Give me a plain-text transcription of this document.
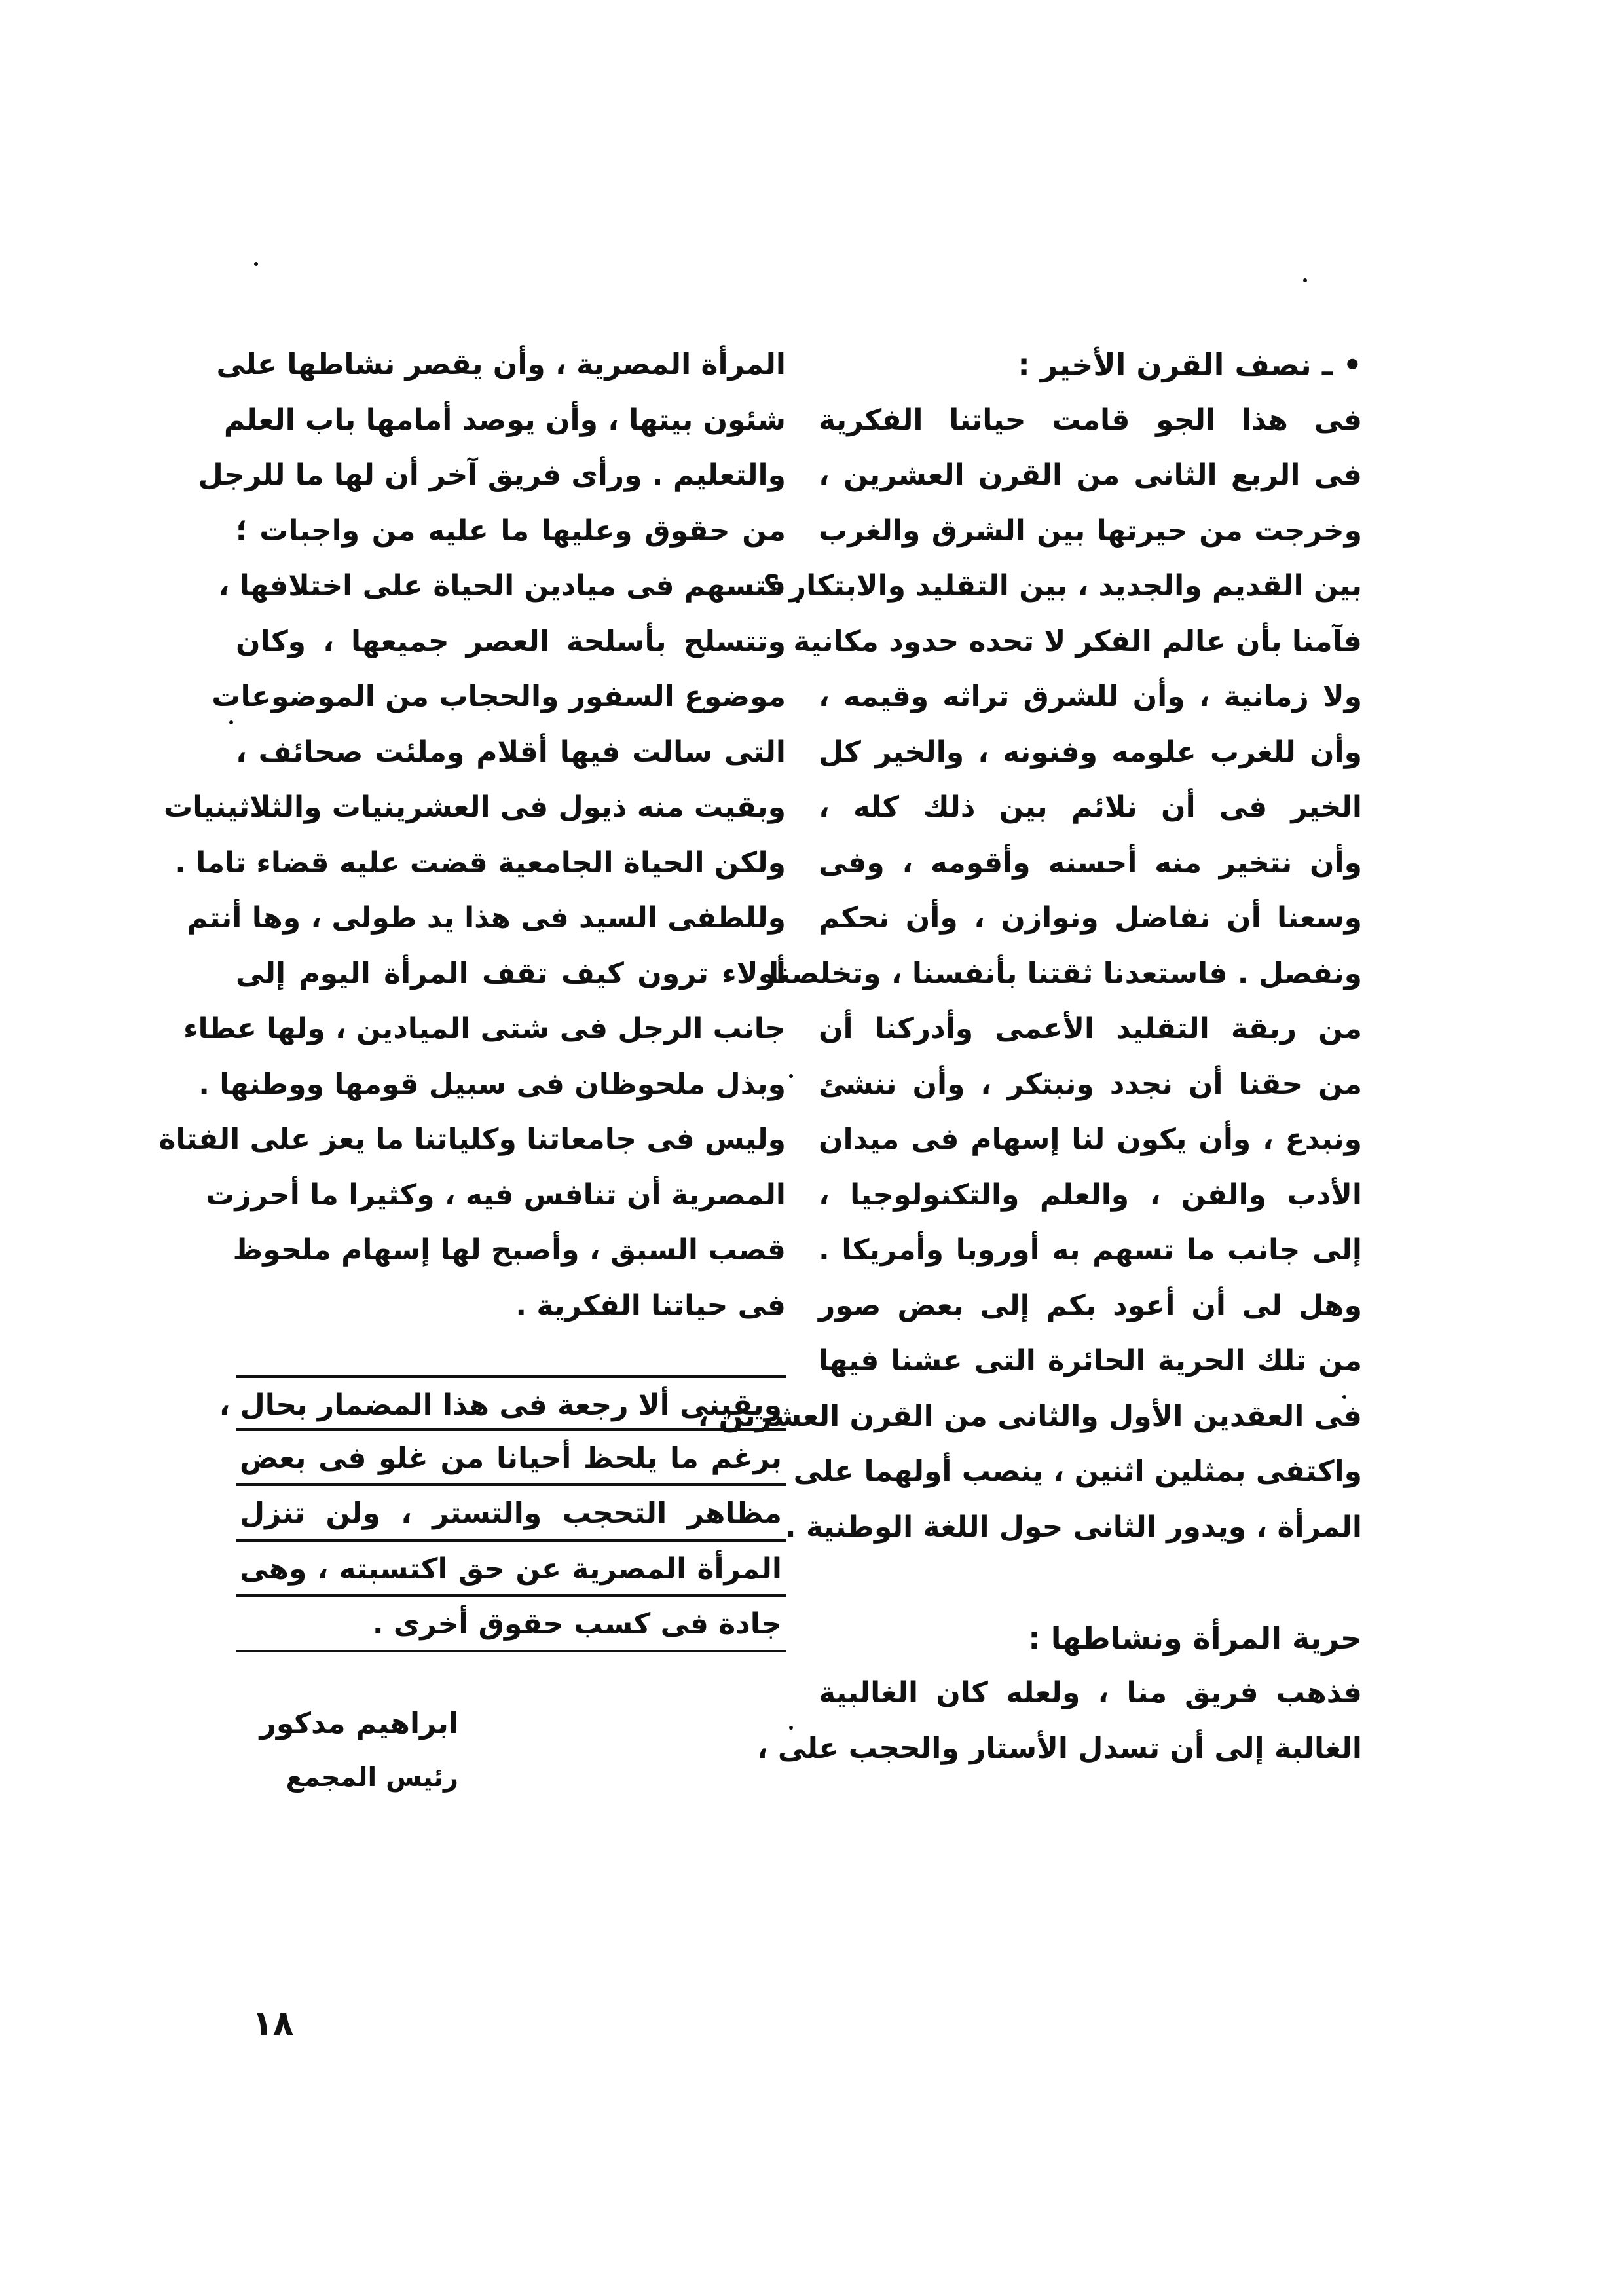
• ـ نصف القرن الأخير :
فى هذا الجو قامت حياتنا الفكرية
فى الربع الثانى من القرن العشرين ،
وخرجت من حيرتها بين الشرق والغرب
بين القديم والجديد ، بين التقليد والابتكار ؟
فآمنا بأن عالم الفكر لا تحده حدود مكانية
ولا زمانية ، وأن للشرق تراثه وقيمه ،
وأن للغرب علومه وفنونه ، والخير كل
الخير فى أن نلائم بين ذلك كله ،
وأن نتخير منه أحسنه وأقومه ، وفى
وسعنا أن نفاضل ونوازن ، وأن نحكم
ونفصل . فاستعدنا ثقتنا بأنفسنا ، وتخلصنا
من ربقة التقليد الأعمى وأدركنا أن
من حقنا أن نجدد ونبتكر ، وأن ننشئ
ونبدع ، وأن يكون لنا إسهام فى ميدان
الأدب والفن ، والعلم والتكنولوجيا ،
إلى جانب ما تسهم به أوروبا وأمريكا .
وهل لى أن أعود بكم إلى بعض صور
من تلك الحرية الحائرة التى عشنا فيها
فى العقدين الأول والثانى من القرن العشرين ،
واكتفى بمثلين اثنين ، ينصب أولهما على
المرأة ، ويدور الثانى حول اللغة الوطنية .
حرية المرأة ونشاطها :
فذهب فريق منا ، ولعله كان الغالبية
الغالبة إلى أن تسدل الأستار والحجب على ،
المرأة المصرية ، وأن يقصر نشاطها على
شئون بيتها ، وأن يوصد أمامها باب العلم
والتعليم . ورأى فريق آخر أن لها ما للرجل
من حقوق وعليها ما عليه من واجبات ؛
فتسهم فى ميادين الحياة على اختلافها ،
وتتسلح بأسلحة العصر جميعها ، وكان
موضوع السفور والحجاب من الموضوعات
التى سالت فيها أقلام وملئت صحائف ،
وبقيت منه ذيول فى العشرينيات والثلاثينيات
ولكن الحياة الجامعية قضت عليه قضاء تاما .
وللطفى السيد فى هذا يد طولى ، وها أنتم
أولاء ترون كيف تقف المرأة اليوم إلى
جانب الرجل فى شتى الميادين ، ولها عطاء
وبذل ملحوظان فى سبيل قومها ووطنها .
وليس فى جامعاتنا وكلياتنا ما يعز على الفتاة
المصرية أن تنافس فيه ، وكثيرا ما أحرزت
قصب السبق ، وأصبح لها إسهام ملحوظ
فى حياتنا الفكرية .
ويقينى ألا رجعة فى هذا المضمار بحال ،
برغم ما يلحظ أحيانا من غلو فى بعض
مظاهر التحجب والتستر ، ولن تنزل
المرأة المصرية عن حق اكتسبته ، وهى
جادة فى كسب حقوق أخرى .
ابراهيم مدكور
رئيس المجمع
١٨
